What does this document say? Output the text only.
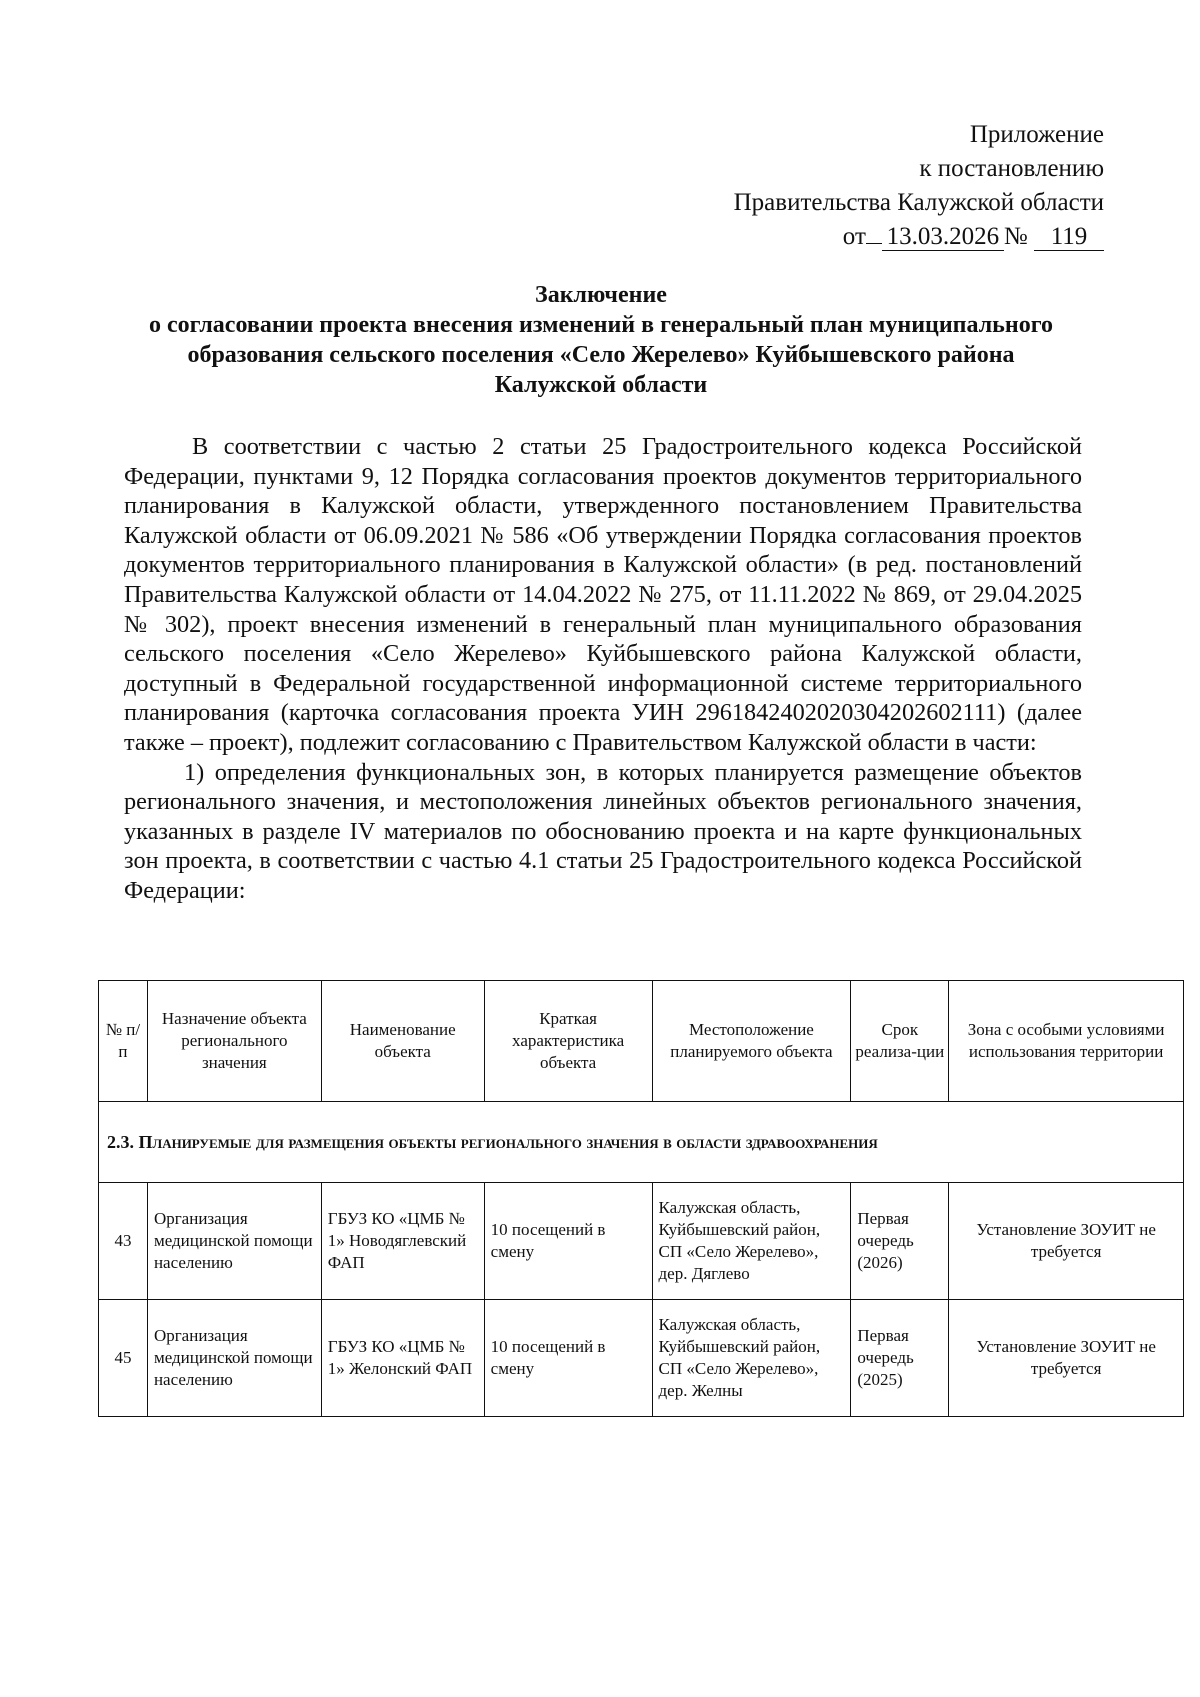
Приложение
к постановлению
Правительства Калужской области
от 13.03.2026 № 119
Заключение
о согласовании проекта внесения изменений в генеральный план муниципального
образования сельского поселения «Село Жерелево» Куйбышевского района
Калужской области

В соответствии с частью 2 статьи 25 Градостроительного кодекса Российской Федерации, пунктами 9, 12 Порядка согласования проектов документов территориального планирования в Калужской области, утвержденного постановлением Правительства Калужской области от 06.09.2021 № 586 «Об утверждении Порядка согласования проектов документов территориального планирования в Калужской области» (в ред. постановлений Правительства Калужской области от 14.04.2022 № 275, от 11.11.2022 № 869, от 29.04.2025 № 302), проект внесения изменений в генеральный план муниципального образования сельского поселения «Село Жерелево» Куйбышевского района Калужской области, доступный в Федеральной государственной информационной системе территориального планирования (карточка согласования проекта УИН 29618424020203042026021​11) (далее также – проект), подлежит согласованию с Правительством Калужской области в части:

1) определения функциональных зон, в которых планируется размещение объектов регионального значения, и местоположения линейных объектов регионального значения, указанных в разделе IV материалов по обоснованию проекта и на карте функциональных зон проекта, в соответствии с частью 4.1 статьи 25 Градостроительного кодекса Российской Федерации:

№ п/п	Назначение объекта регионального значения	Наименование объекта	Краткая характеристика объекта	Местоположение планируемого объекта	Срок реализа-ции	Зона с особыми условиями использования территории
2.3. Планируемые для размещения объекты регионального значения в области здравоохранения						
43	Организация медицинской помощи населению	ГБУЗ КО «ЦМБ № 1» Новодяглевский ФАП	10 посещений в смену	Калужская область, Куйбышевский район, СП «Село Жерелево», дер. Дяглево	Первая очередь (2026)	Установление ЗОУИТ не требуется
45	Организация медицинской помощи населению	ГБУЗ КО «ЦМБ № 1» Желонский ФАП	10 посещений в смену	Калужская область, Куйбышевский район, СП «Село Жерелево», дер. Желны	Первая очередь (2025)	Установление ЗОУИТ не требуется
